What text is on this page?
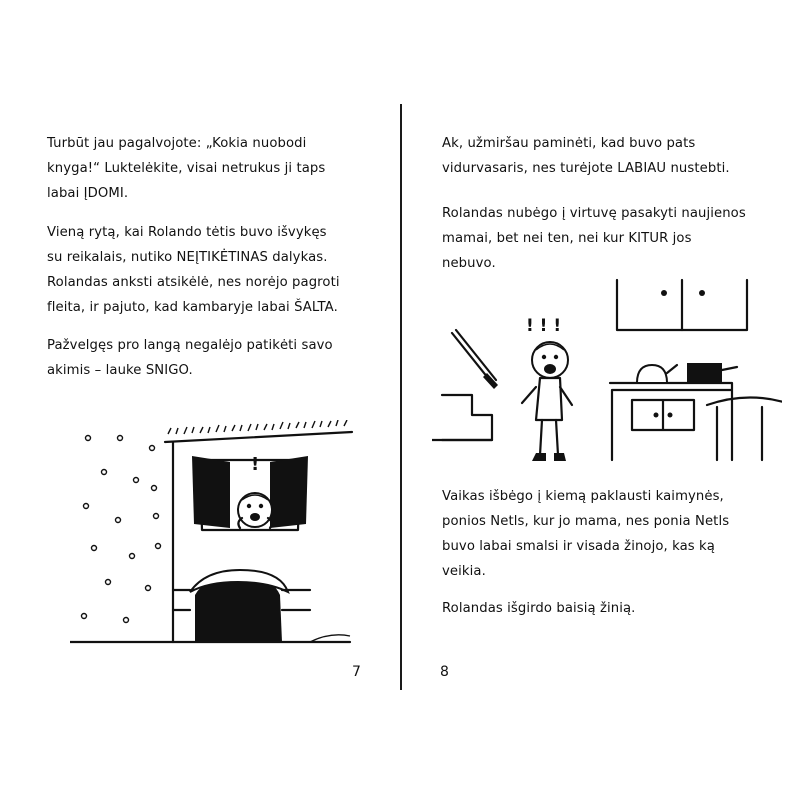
Turbūt jau pagalvojote: „Kokia nuobodi
knyga!“ Luktelėkite, visai netrukus ji taps
labai ĮDOMI.

Vieną rytą, kai Rolando tėtis buvo išvykęs
su reikalais, nutiko NEĮTIKĖTINAS dalykas.
Rolandas anksti atsikėlė, nes norėjo pagroti
fleita, ir pajuto, kad kambaryje labai ŠALTA.

Pažvelgęs pro langą negalėjo patikėti savo
akimis – lauke SNIGO.

!
7

Ak, užmiršau paminėti, kad buvo pats
vidurvasaris, nes turėjote LABIAU nustebti.

Rolandas nubėgo į virtuvę pasakyti naujienos
mamai, bet nei ten, nei kur KITUR jos
nebuvo.

! ! !

Vaikas išbėgo į kiemą paklausti kaimynės,
ponios Netls, kur jo mama, nes ponia Netls
buvo labai smalsi ir visada žinojo, kas ką
veikia.

Rolandas išgirdo baisią žinią.

8
